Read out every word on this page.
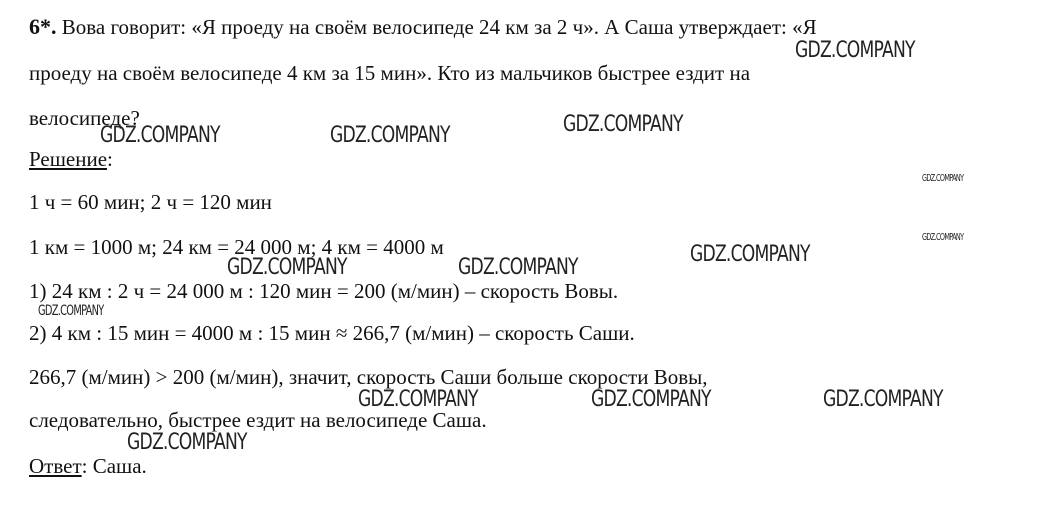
6*. Вова говорит: «Я проеду на своём велосипеде 24 км за 2 ч». А Саша утверждает: «Я

проеду на своём велосипеде 4 км за 15 мин». Кто из мальчиков быстрее ездит на

велосипеде?

Решение:

1 ч = 60 мин; 2 ч = 120 мин

1 км = 1000 м; 24 км = 24 000 м; 4 км = 4000 м

1) 24 км : 2 ч = 24 000 м : 120 мин = 200 (м/мин) – скорость Вовы.

2) 4 км : 15 мин = 4000 м : 15 мин ≈ 266,7 (м/мин) – скорость Саши.

266,7 (м/мин) > 200 (м/мин), значит, скорость Саши больше скорости Вовы,

следовательно, быстрее ездит на велосипеде Саша.

Ответ: Саша.

GDZ.COMPANY
GDZ.COMPANY	GDZ.COMPANY	GDZ.COMPANY
GDZ.COMPANY
GDZ.COMPANY
GDZ.COMPANY
GDZ.COMPANY	GDZ.COMPANY
GDZ.COMPANY
GDZ.COMPANY	GDZ.COMPANY	GDZ.COMPANY
GDZ.COMPANY
